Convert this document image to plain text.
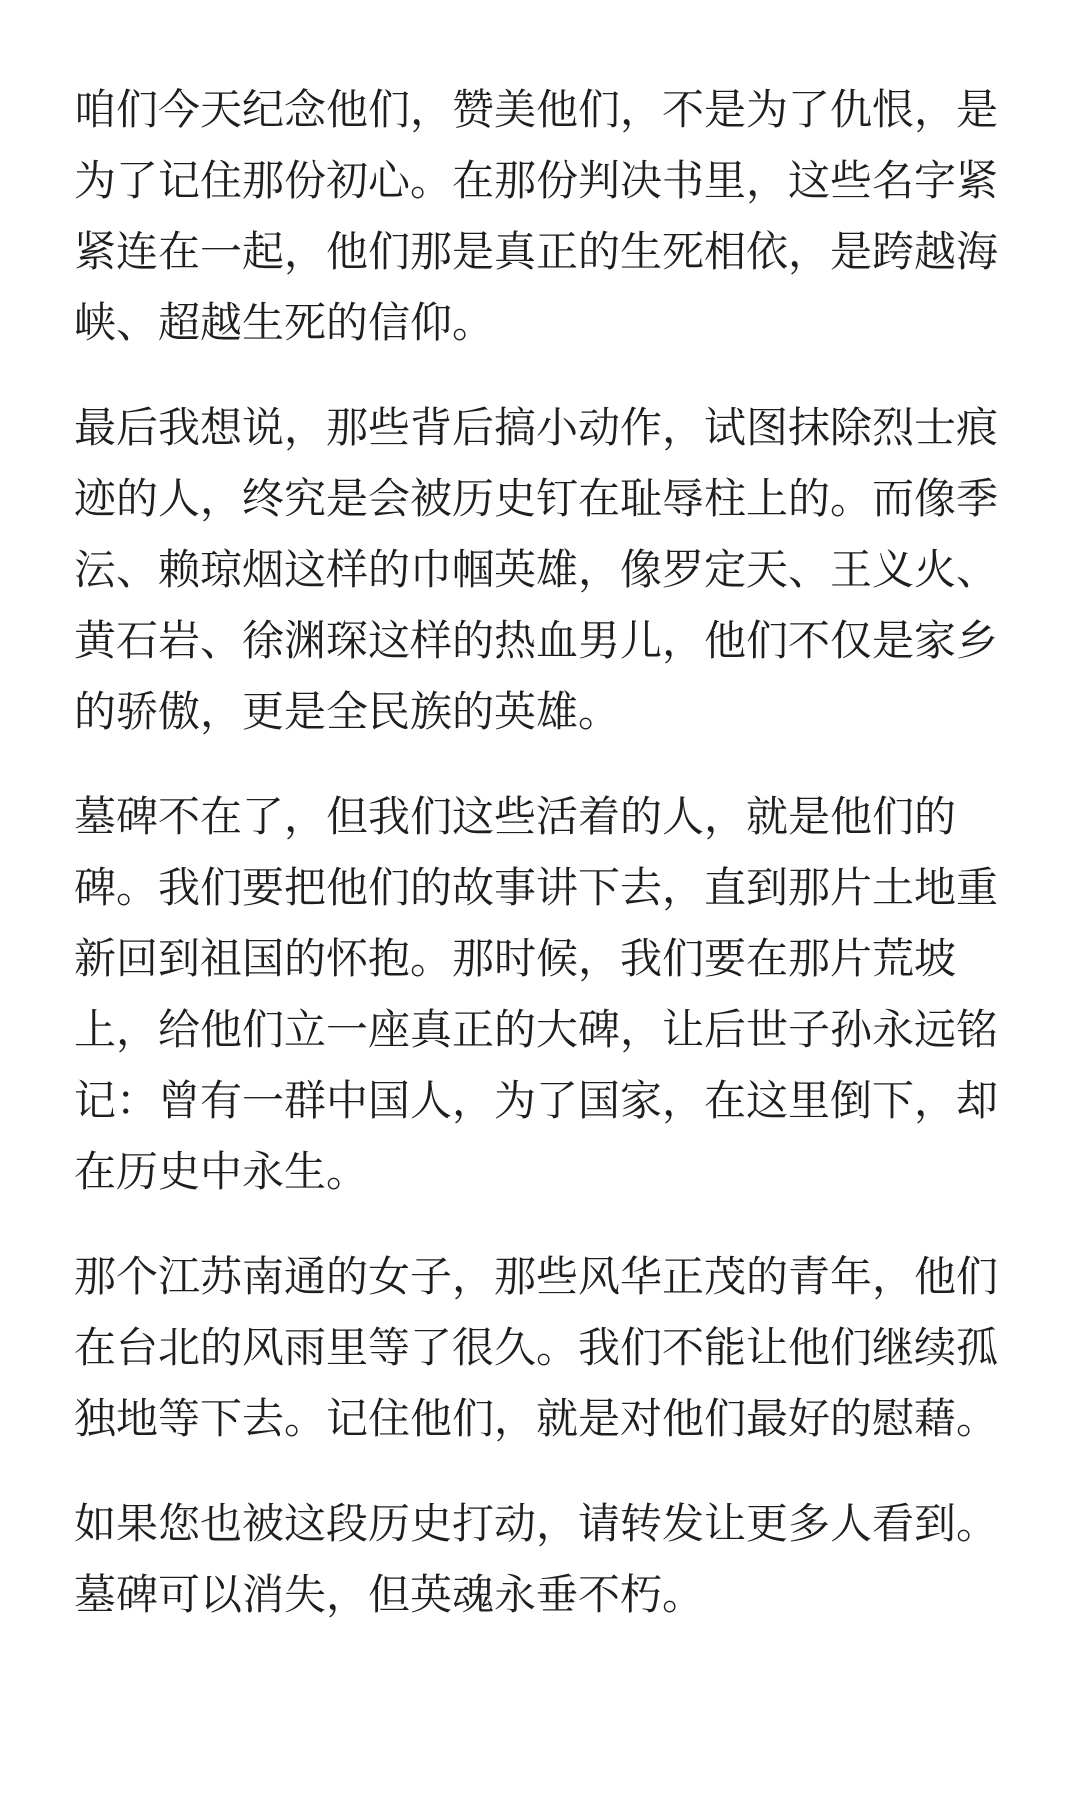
咱们今天纪念他们，赞美他们，不是为了仇恨，是为了记住那份初心。在那份判决书里，这些名字紧紧连在一起，他们那是真正的生死相依，是跨越海峡、超越生死的信仰。

最后我想说，那些背后搞小动作，试图抹除烈士痕迹的人，终究是会被历史钉在耻辱柱上的。而像季沄、赖琼烟这样的巾帼英雄，像罗定天、王义火、黄石岩、徐渊琛这样的热血男儿，他们不仅是家乡的骄傲，更是全民族的英雄。

墓碑不在了，但我们这些活着的人，就是他们的碑。我们要把他们的故事讲下去，直到那片土地重新回到祖国的怀抱。那时候，我们要在那片荒坡上，给他们立一座真正的大碑，让后世子孙永远铭记：曾有一群中国人，为了国家，在这里倒下，却在历史中永生。

那个江苏南通的女子，那些风华正茂的青年，他们在台北的风雨里等了很久。我们不能让他们继续孤独地等下去。记住他们，就是对他们最好的慰藉。

如果您也被这段历史打动，请转发让更多人看到。墓碑可以消失，但英魂永垂不朽。
